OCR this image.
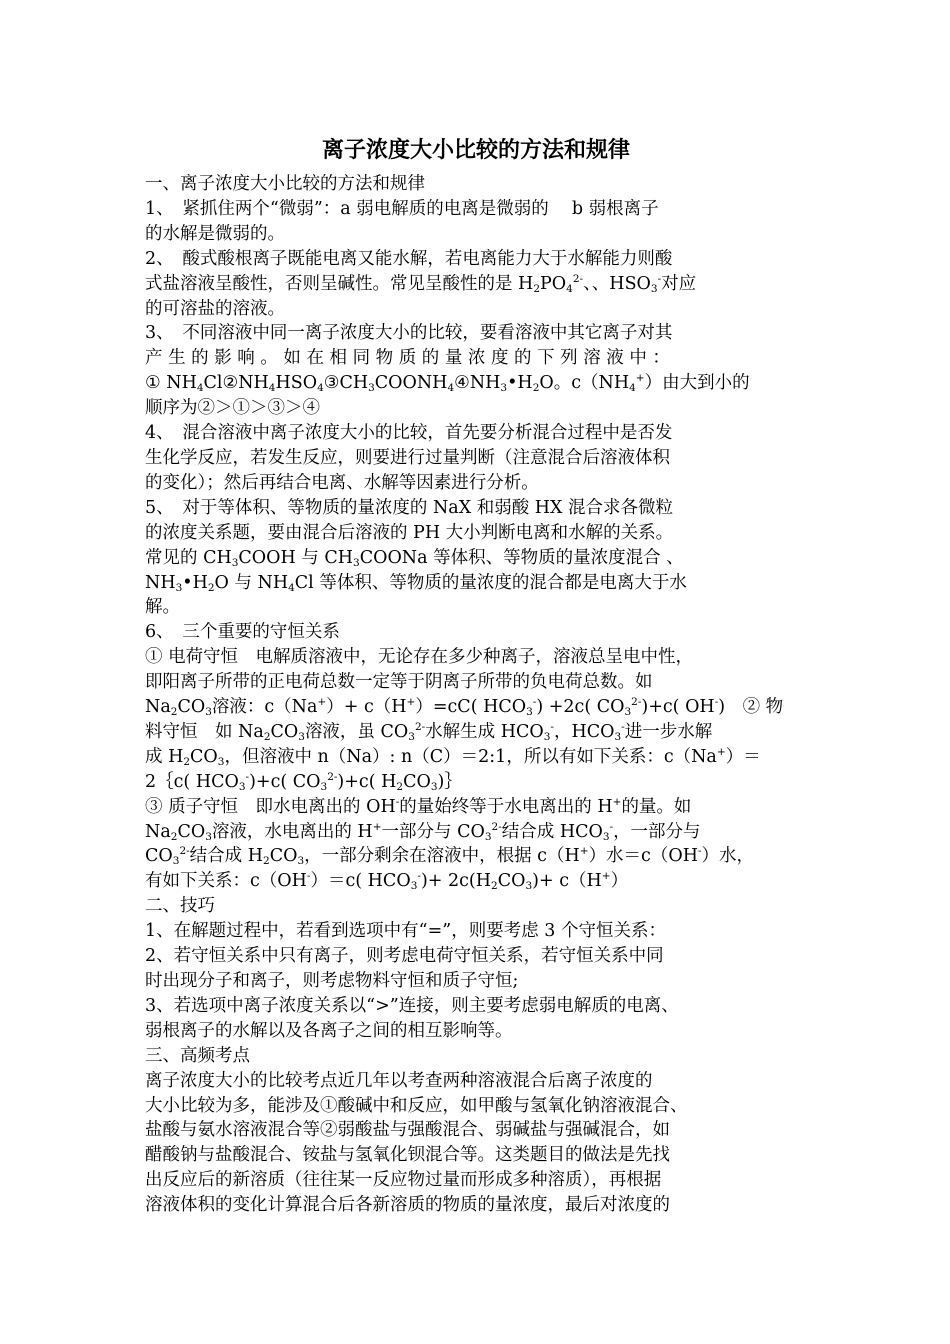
离子浓度大小比较的方法和规律
一、离子浓度大小比较的方法和规律
1、　紧抓住两个“微弱”：a 弱电解质的电离是微弱的　 b 弱根离子
的水解是微弱的。
2、　酸式酸根离子既能电离又能水解，若电离能力大于水解能力则酸
式盐溶液呈酸性，否则呈碱性。常见呈酸性的是 $H_2PO_4^{2-}$、、$HSO_3^-$对应
的可溶盐的溶液。
3、　不同溶液中同一离子浓度大小的比较，要看溶液中其它离子对其
产 生 的 影 响 。 如 在 相 同 物 质 的 量 浓 度 的 下 列 溶 液 中 ：
① $NH_4Cl②NH_4HSO_4③CH_3COONH_4④NH_3•H_2O$。$c(NH_4^+)$由大到小的
顺序为②＞①＞③＞④
4、　混合溶液中离子浓度大小的比较，首先要分析混合过程中是否发
生化学反应，若发生反应，则要进行过量判断（注意混合后溶液体积
的变化）；然后再结合电离、水解等因素进行分析。
5、　对于等体积、等物质的量浓度的 NaX 和弱酸 HX 混合求各微粒
的浓度关系题，要由混合后溶液的 PH 大小判断电离和水解的关系。
常见的 $CH_3COOH$ 与 $CH_3COONa$ 等体积、等物质的量浓度混合 、
$NH_3•H_2O$ 与 $NH_4Cl$ 等体积、等物质的量浓度的混合都是电离大于水
解。
6、　三个重要的守恒关系
① 电荷守恒　电解质溶液中，无论存在多少种离子，溶液总呈电中性，
即阳离子所带的正电荷总数一定等于阴离子所带的负电荷总数。如
$Na_2CO_3$溶液：c（Na+）+ c（H+）=cC( $HCO_3^-) +2c$( $CO_3^{2-})+c$( OH-)　② 物
料守恒　如 $Na_2CO_3$溶液，虽 $CO_3^{2-}$水解生成 $HCO_3^-$，$HCO_3^-$进一步水解
成 $H_2CO_3$，但溶液中 n（Na）: n（C）＝2:1，所以有如下关系：c（Na+）＝
2｛c( $HCO_3^-)+c$( $CO_3^{2-})+c$( $H_2CO_3)\}$
③ 质子守恒　即水电离出的 OH-的量始终等于水电离出的 H+的量。如
$Na_2CO_3$溶液，水电离出的 H+一部分与 $CO_3^{2-}$结合成 $HCO_3^-$，一部分与
$CO_3^{2-}$结合成 $H_2CO_3$，一部分剩余在溶液中，根据 c（H+）水＝c（OH-）水，
有如下关系：c（OH-）＝c( $HCO_3^-)+ 2c(H_2CO_3)+ c(H^+)$
二、技巧
1、在解题过程中，若看到选项中有“=”，则要考虑 3 个守恒关系：
2、若守恒关系中只有离子，则考虑电荷守恒关系，若守恒关系中同
时出现分子和离子，则考虑物料守恒和质子守恒;
3、若选项中离子浓度关系以“>”连接，则主要考虑弱电解质的电离、
弱根离子的水解以及各离子之间的相互影响等。
三、高频考点
离子浓度大小的比较考点近几年以考查两种溶液混合后离子浓度的
大小比较为多，能涉及①酸碱中和反应，如甲酸与氢氧化钠溶液混合、
盐酸与氨水溶液混合等②弱酸盐与强酸混合、弱碱盐与强碱混合，如
醋酸钠与盐酸混合、铵盐与氢氧化钡混合等。这类题目的做法是先找
出反应后的新溶质（往往某一反应物过量而形成多种溶质），再根据
溶液体积的变化计算混合后各新溶质的物质的量浓度，最后对浓度的
